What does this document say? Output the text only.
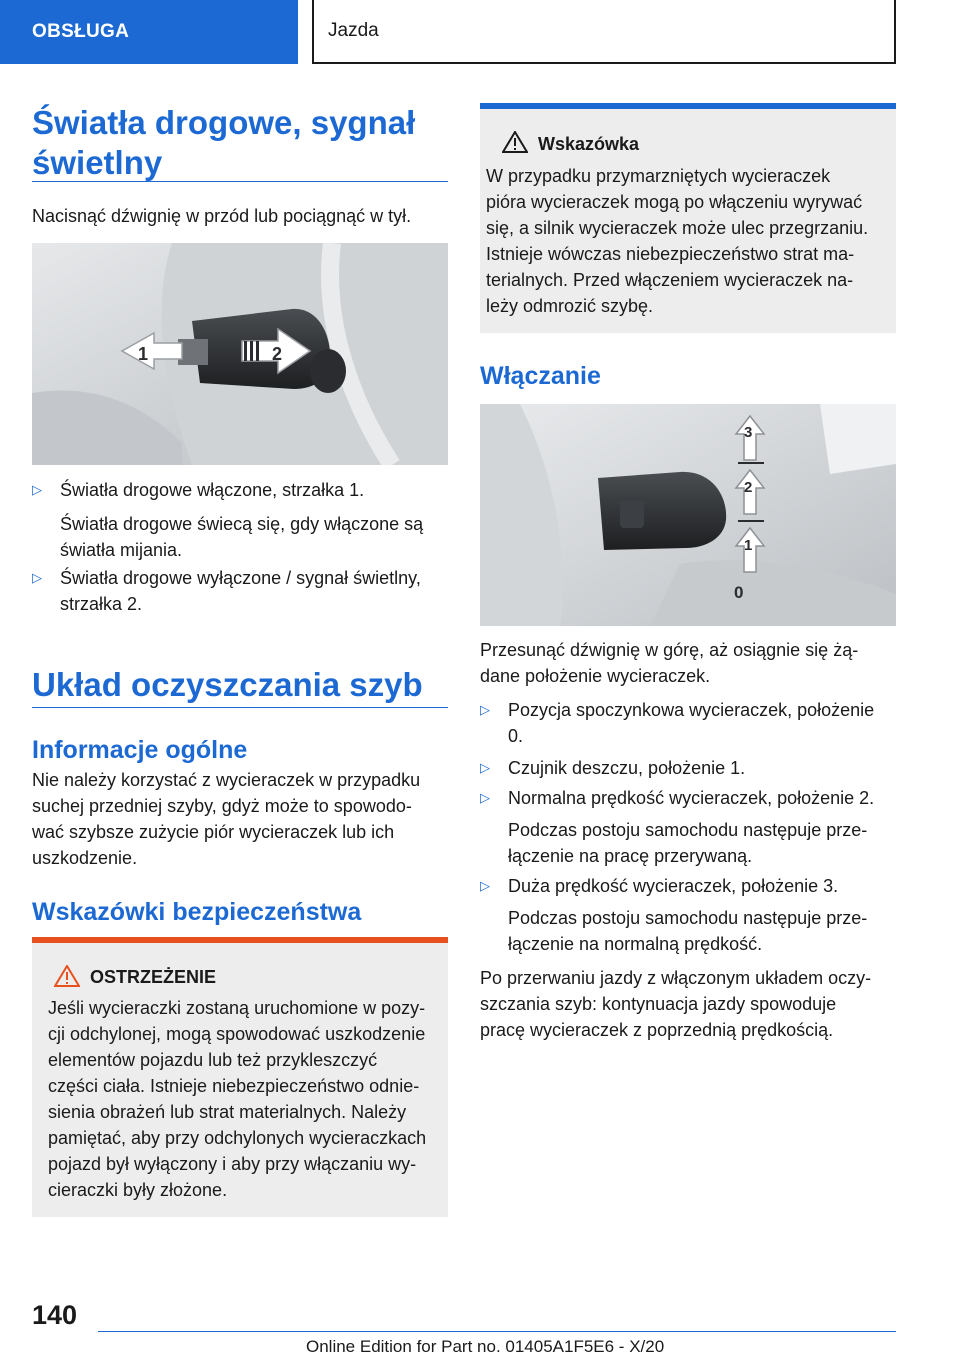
OBSŁUGA	Jazda
Światła drogowe, sygnał
świetlny

Nacisnąć dźwignię w przód lub pociągnąć w tył.

1	2
▷ Światła drogowe włączone, strzałka 1.
Światła drogowe świecą się, gdy włączone są
światła mijania.
▷ Światła drogowe wyłączone / sygnał świetlny,
strzałka 2.
Układ oczyszczania szyb
Informacje ogólne
Nie należy korzystać z wycieraczek w przypadku
suchej przedniej szyby, gdyż może to spowodo-
wać szybsze zużycie piór wycieraczek lub ich
uszkodzenie.
Wskazówki bezpieczeństwa
OSTRZEŻENIE
Jeśli wycieraczki zostaną uruchomione w pozy-
cji odchylonej, mogą spowodować uszkodzenie
elementów pojazdu lub też przykleszczyć
części ciała. Istnieje niebezpieczeństwo odnie-
sienia obrażeń lub strat materialnych. Należy
pamiętać, aby przy odchylonych wycieraczkach
pojazd był wyłączony i aby przy włączaniu wy-
cieraczki były złożone.
Wskazówka
W przypadku przymarzniętych wycieraczek
pióra wycieraczek mogą po włączeniu wyrywać
się, a silnik wycieraczek może ulec przegrzaniu.
Istnieje wówczas niebezpieczeństwo strat ma-
terialnych. Przed włączeniem wycieraczek na-
leży odmrozić szybę.
Włączanie
3
2
1
0
Przesunąć dźwignię w górę, aż osiągnie się żą-
dane położenie wycieraczek.
▷ Pozycja spoczynkowa wycieraczek, położenie
0.
▷ Czujnik deszczu, położenie 1.
▷ Normalna prędkość wycieraczek, położenie 2.
Podczas postoju samochodu następuje prze-
łączenie na pracę przerywaną.
▷ Duża prędkość wycieraczek, położenie 3.
Podczas postoju samochodu następuje prze-
łączenie na normalną prędkość.
Po przerwaniu jazdy z włączonym układem oczy-
szczania szyb: kontynuacja jazdy spowoduje
pracę wycieraczek z poprzednią prędkością.
140
Online Edition for Part no. 01405A1F5E6 - X/20
